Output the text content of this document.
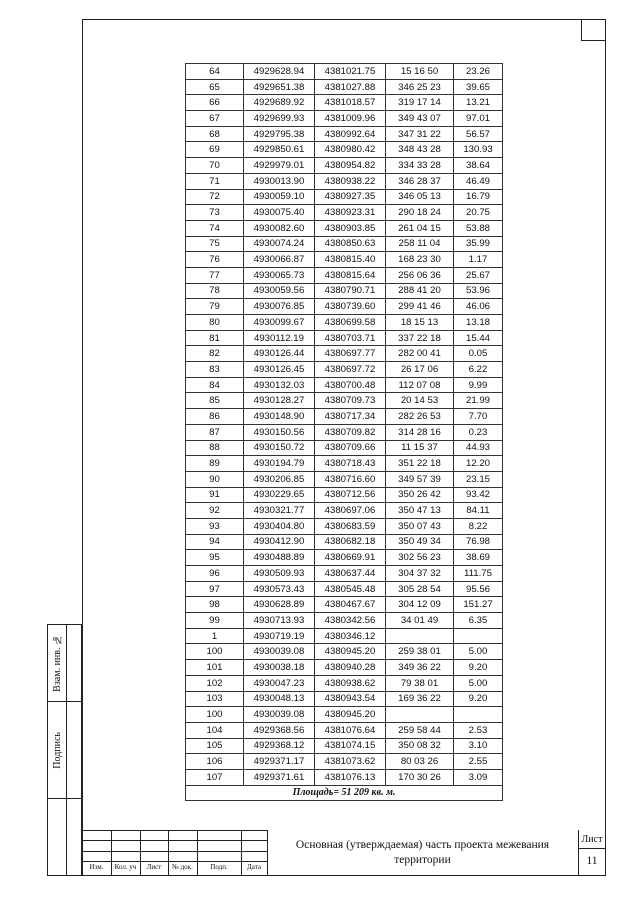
Взам. инв. №
Подпись
64	4929628.94	4381021.75	15 16 50	23.26
65	4929651.38	4381027.88	346 25 23	39.65
66	4929689.92	4381018.57	319 17 14	13.21
67	4929699.93	4381009.96	349 43 07	97.01
68	4929795.38	4380992.64	347 31 22	56.57
69	4929850.61	4380980.42	348 43 28	130.93
70	4929979.01	4380954.82	334 33 28	38.64
71	4930013.90	4380938.22	346 28 37	46.49
72	4930059.10	4380927.35	346 05 13	16.79
73	4930075.40	4380923.31	290 18 24	20.75
74	4930082.60	4380903.85	261 04 15	53.88
75	4930074.24	4380850.63	258 11 04	35.99
76	4930066.87	4380815.40	168 23 30	1.17
77	4930065.73	4380815.64	256 06 36	25.67
78	4930059.56	4380790.71	288 41 20	53.96
79	4930076.85	4380739.60	299 41 46	46.06
80	4930099.67	4380699.58	18 15 13	13.18
81	4930112.19	4380703.71	337 22 18	15.44
82	4930126.44	4380697.77	282 00 41	0.05
83	4930126.45	4380697.72	26 17 06	6.22
84	4930132.03	4380700.48	112 07 08	9.99
85	4930128.27	4380709.73	20 14 53	21.99
86	4930148.90	4380717.34	282 26 53	7.70
87	4930150.56	4380709.82	314 28 16	0.23
88	4930150.72	4380709.66	11 15 37	44.93
89	4930194.79	4380718.43	351 22 18	12.20
90	4930206.85	4380716.60	349 57 39	23.15
91	4930229.65	4380712.56	350 26 42	93.42
92	4930321.77	4380697.06	350 47 13	84.11
93	4930404.80	4380683.59	350 07 43	8.22
94	4930412.90	4380682.18	350 49 34	76.98
95	4930488.89	4380669.91	302 56 23	38.69
96	4930509.93	4380637.44	304 37 32	111.75
97	4930573.43	4380545.48	305 28 54	95.56
98	4930628.89	4380467.67	304 12 09	151.27
99	4930713.93	4380342.56	34 01 49	6.35
1	4930719.19	4380346.12		
100	4930039.08	4380945.20	259 38 01	5.00
101	4930038.18	4380940.28	349 36 22	9.20
102	4930047.23	4380938.62	79 38 01	5.00
103	4930048.13	4380943.54	169 36 22	9.20
100	4930039.08	4380945.20		
104	4929368.56	4381076.64	259 58 44	2.53
105	4929368.12	4381074.15	350 08 32	3.10
106	4929371.17	4381073.62	80 03 26	2.55
107	4929371.61	4381076.13	170 30 26	3.09
Площадь= 51 209 кв. м.				
Изм.	Кол. уч	Лист	№ док.	Подп.	Дата
Основная (утверждаемая) часть проекта межевания территории
Лист
11
